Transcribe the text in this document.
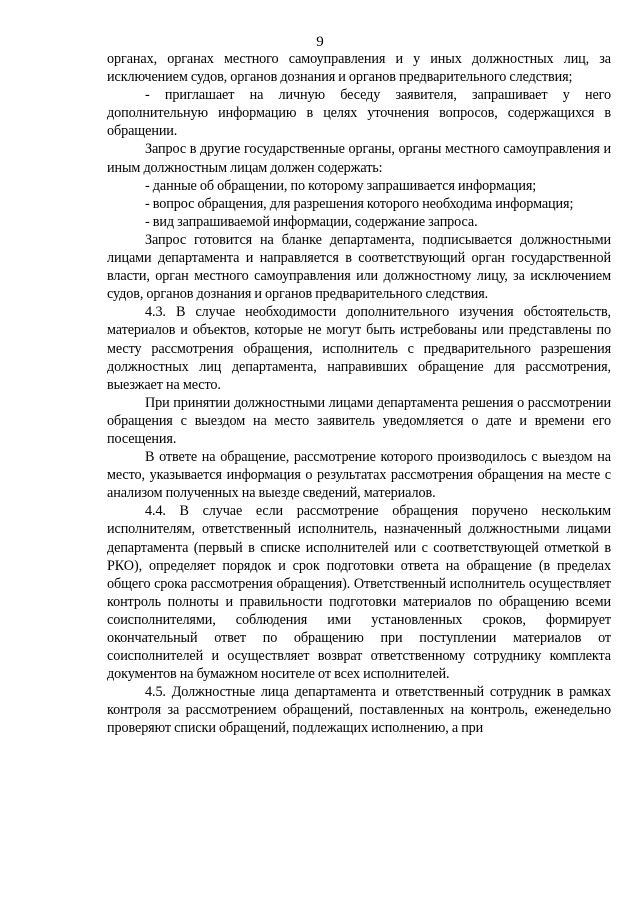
9

органах, органах местного самоуправления и у иных должностных лиц, за исключением судов, органов дознания и органов предварительного следствия;

- приглашает на личную беседу заявителя, запрашивает у него дополнительную информацию в целях уточнения вопросов, содержащихся в обращении.

Запрос в другие государственные органы, органы местного самоуправления и иным должностным лицам должен содержать:

- данные об обращении, по которому запрашивается информация;

- вопрос обращения, для разрешения которого необходима информация;

- вид запрашиваемой информации, содержание запроса.

Запрос готовится на бланке департамента, подписывается должностными лицами департамента и направляется в соответствующий орган государственной власти, орган местного самоуправления или должностному лицу, за исключением судов, органов дознания и органов предварительного следствия.

4.3. В случае необходимости дополнительного изучения обстоятельств, материалов и объектов, которые не могут быть истребованы или представлены по месту рассмотрения обращения, исполнитель с предварительного разрешения должностных лиц департамента, направивших обращение для рассмотрения, выезжает на место.

При принятии должностными лицами департамента решения о рассмотрении обращения с выездом на место заявитель уведомляется о дате и времени его посещения.

В ответе на обращение, рассмотрение которого производилось с выездом на место, указывается информация о результатах рассмотрения обращения на месте с анализом полученных на выезде сведений, материалов.

4.4. В случае если рассмотрение обращения поручено нескольким исполнителям, ответственный исполнитель, назначенный должностными лицами департамента (первый в списке исполнителей или с соответствующей отметкой в РКО), определяет порядок и срок подготовки ответа на обращение (в пределах общего срока рассмотрения обращения). Ответственный исполнитель осуществляет контроль полноты и правильности подготовки материалов по обращению всеми соисполнителями, соблюдения ими установленных сроков, формирует окончательный ответ по обращению при поступлении материалов от соисполнителей и осуществляет возврат ответственному сотруднику комплекта документов на бумажном носителе от всех исполнителей.

4.5. Должностные лица департамента и ответственный сотрудник в рамках контроля за рассмотрением обращений, поставленных на контроль, еженедельно проверяют списки обращений, подлежащих исполнению, а при
